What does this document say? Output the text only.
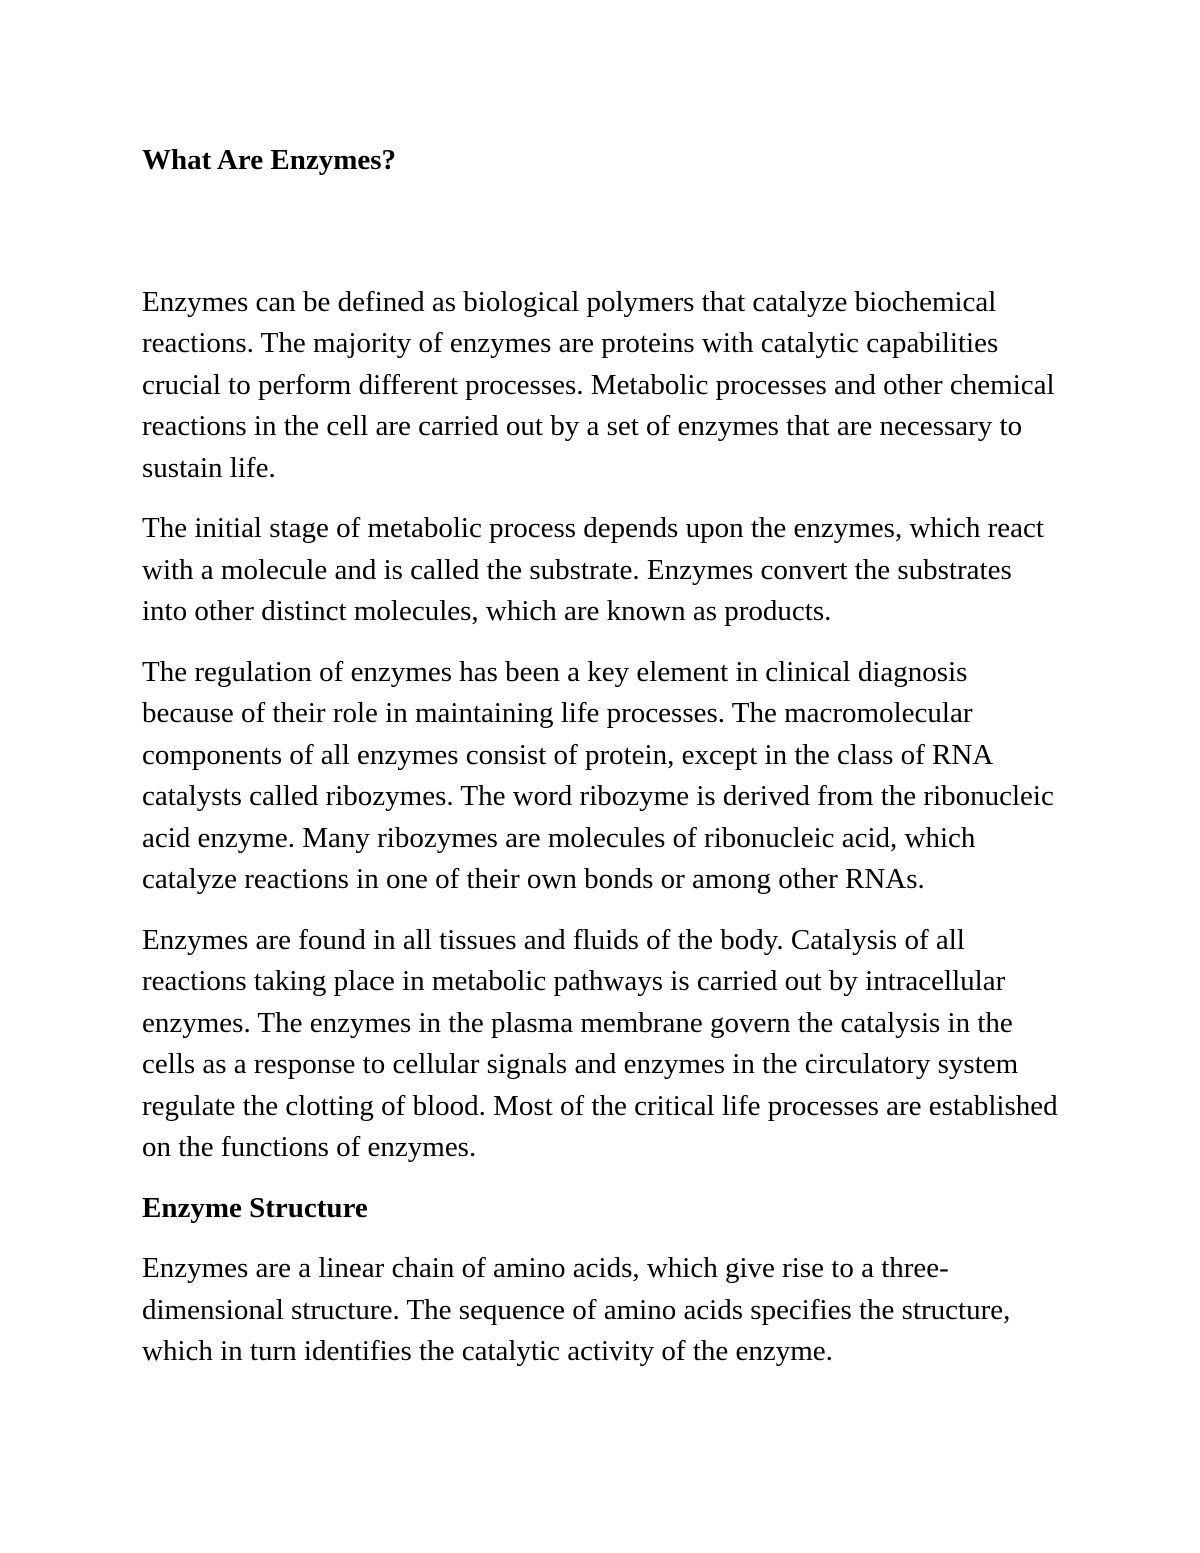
What Are Enzymes?

Enzymes can be defined as biological polymers that catalyze biochemical reactions. The majority of enzymes are proteins with catalytic capabilities crucial to perform different processes. Metabolic processes and other chemical reactions in the cell are carried out by a set of enzymes that are necessary to sustain life.

The initial stage of metabolic process depends upon the enzymes, which react with a molecule and is called the substrate. Enzymes convert the substrates into other distinct molecules, which are known as products.

The regulation of enzymes has been a key element in clinical diagnosis because of their role in maintaining life processes. The macromolecular components of all enzymes consist of protein, except in the class of RNA catalysts called ribozymes. The word ribozyme is derived from the ribonucleic acid enzyme. Many ribozymes are molecules of ribonucleic acid, which catalyze reactions in one of their own bonds or among other RNAs.

Enzymes are found in all tissues and fluids of the body. Catalysis of all reactions taking place in metabolic pathways is carried out by intracellular enzymes. The enzymes in the plasma membrane govern the catalysis in the cells as a response to cellular signals and enzymes in the circulatory system regulate the clotting of blood. Most of the critical life processes are established on the functions of enzymes.

Enzyme Structure

Enzymes are a linear chain of amino acids, which give rise to a three-dimensional structure. The sequence of amino acids specifies the structure, which in turn identifies the catalytic activity of the enzyme.
